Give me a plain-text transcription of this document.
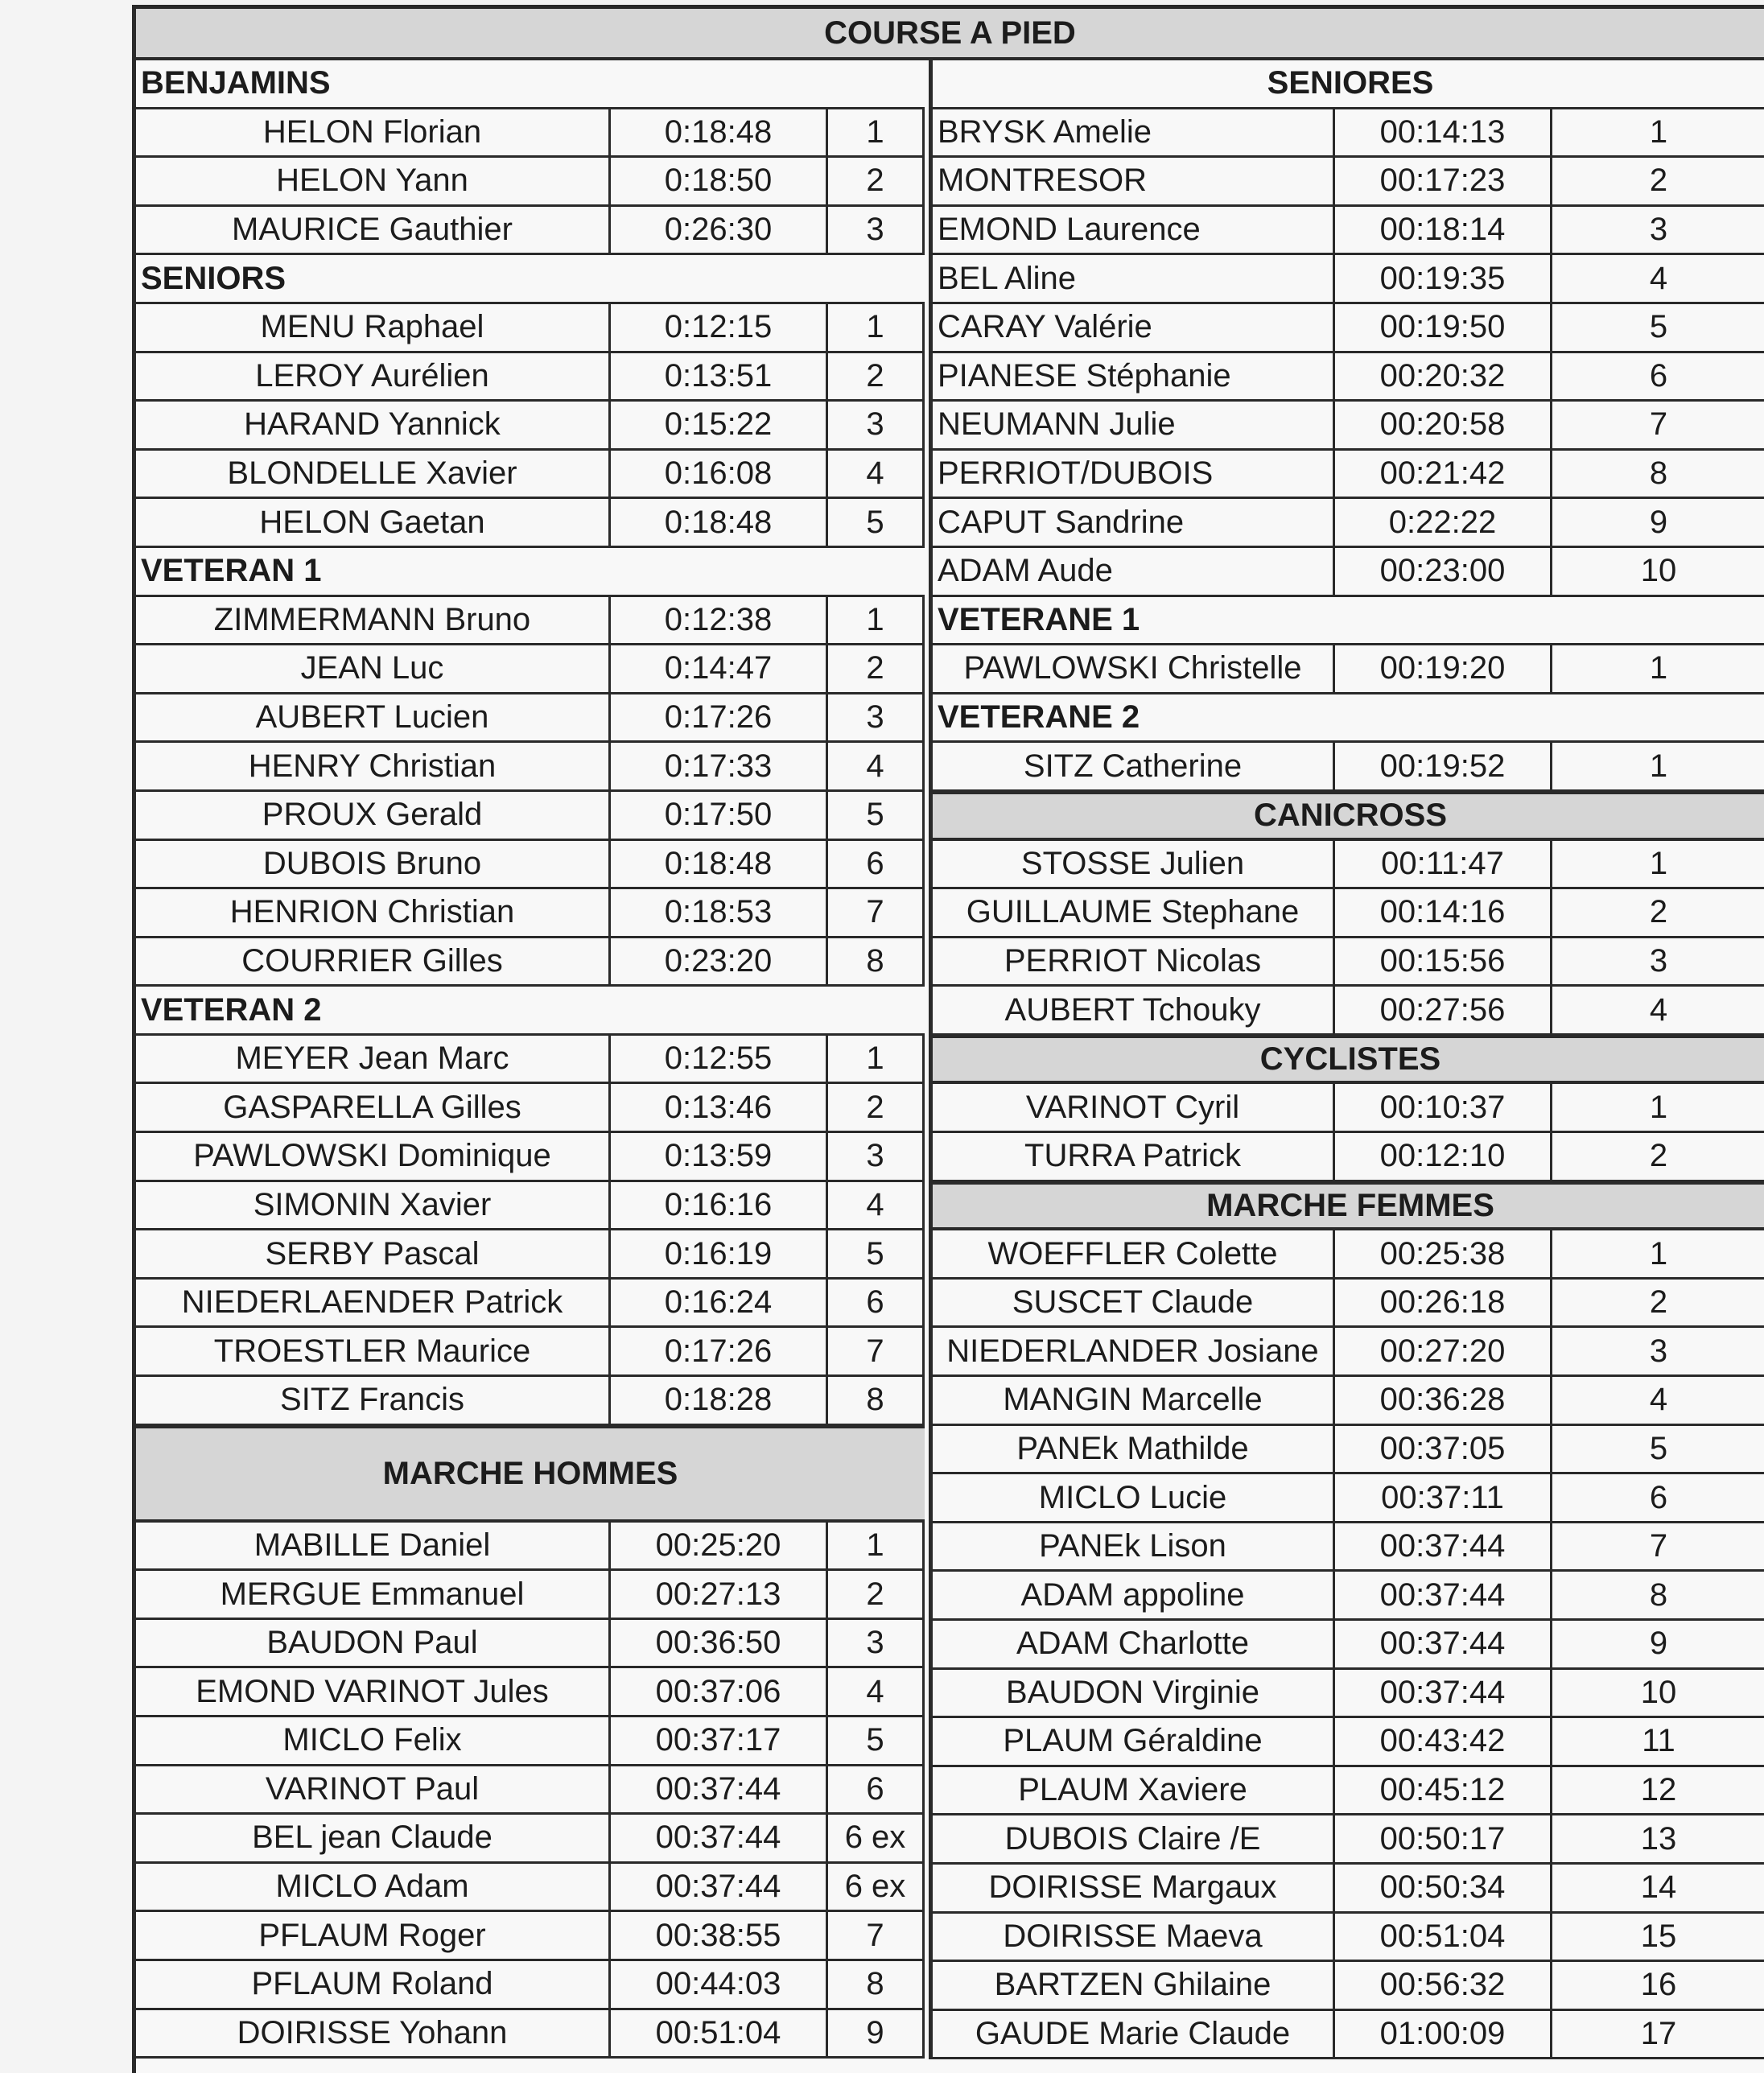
COURSE A PIED
BENJAMINS
HELON Florian	0:18:48	1
HELON Yann	0:18:50	2
MAURICE Gauthier	0:26:30	3
SENIORS
MENU Raphael	0:12:15	1
LEROY Aurélien	0:13:51	2
HARAND Yannick	0:15:22	3
BLONDELLE Xavier	0:16:08	4
HELON Gaetan	0:18:48	5
VETERAN 1
ZIMMERMANN Bruno	0:12:38	1
JEAN Luc	0:14:47	2
AUBERT Lucien	0:17:26	3
HENRY Christian	0:17:33	4
PROUX Gerald	0:17:50	5
DUBOIS Bruno	0:18:48	6
HENRION Christian	0:18:53	7
COURRIER Gilles	0:23:20	8
VETERAN 2
MEYER Jean Marc	0:12:55	1
GASPARELLA Gilles	0:13:46	2
PAWLOWSKI Dominique	0:13:59	3
SIMONIN Xavier	0:16:16	4
SERBY Pascal	0:16:19	5
NIEDERLAENDER Patrick	0:16:24	6
TROESTLER Maurice	0:17:26	7
SITZ Francis	0:18:28	8
MARCHE HOMMES
MABILLE Daniel	00:25:20	1
MERGUE Emmanuel	00:27:13	2
BAUDON Paul	00:36:50	3
EMOND VARINOT Jules	00:37:06	4
MICLO Felix	00:37:17	5
VARINOT Paul	00:37:44	6
BEL jean Claude	00:37:44	6 ex
MICLO Adam	00:37:44	6 ex
PFLAUM Roger	00:38:55	7
PFLAUM Roland	00:44:03	8
DOIRISSE Yohann	00:51:04	9
SENIORES
BRYSK Amelie	00:14:13	1
MONTRESOR	00:17:23	2
EMOND Laurence	00:18:14	3
BEL Aline	00:19:35	4
CARAY Valérie	00:19:50	5
PIANESE Stéphanie	00:20:32	6
NEUMANN Julie	00:20:58	7
PERRIOT/DUBOIS	00:21:42	8
CAPUT Sandrine	0:22:22	9
ADAM Aude	00:23:00	10
VETERANE 1
PAWLOWSKI Christelle	00:19:20	1
VETERANE 2
SITZ Catherine	00:19:52	1
CANICROSS
STOSSE Julien	00:11:47	1
GUILLAUME Stephane	00:14:16	2
PERRIOT Nicolas	00:15:56	3
AUBERT Tchouky	00:27:56	4
CYCLISTES
VARINOT Cyril	00:10:37	1
TURRA Patrick	00:12:10	2
MARCHE FEMMES
WOEFFLER Colette	00:25:38	1
SUSCET Claude	00:26:18	2
NIEDERLANDER Josiane	00:27:20	3
MANGIN Marcelle	00:36:28	4
PANEk Mathilde	00:37:05	5
MICLO Lucie	00:37:11	6
PANEk Lison	00:37:44	7
ADAM appoline	00:37:44	8
ADAM Charlotte	00:37:44	9
BAUDON Virginie	00:37:44	10
PLAUM Géraldine	00:43:42	11
PLAUM Xaviere	00:45:12	12
DUBOIS Claire /E	00:50:17	13
DOIRISSE Margaux	00:50:34	14
DOIRISSE Maeva	00:51:04	15
BARTZEN Ghilaine	00:56:32	16
GAUDE Marie Claude	01:00:09	17
